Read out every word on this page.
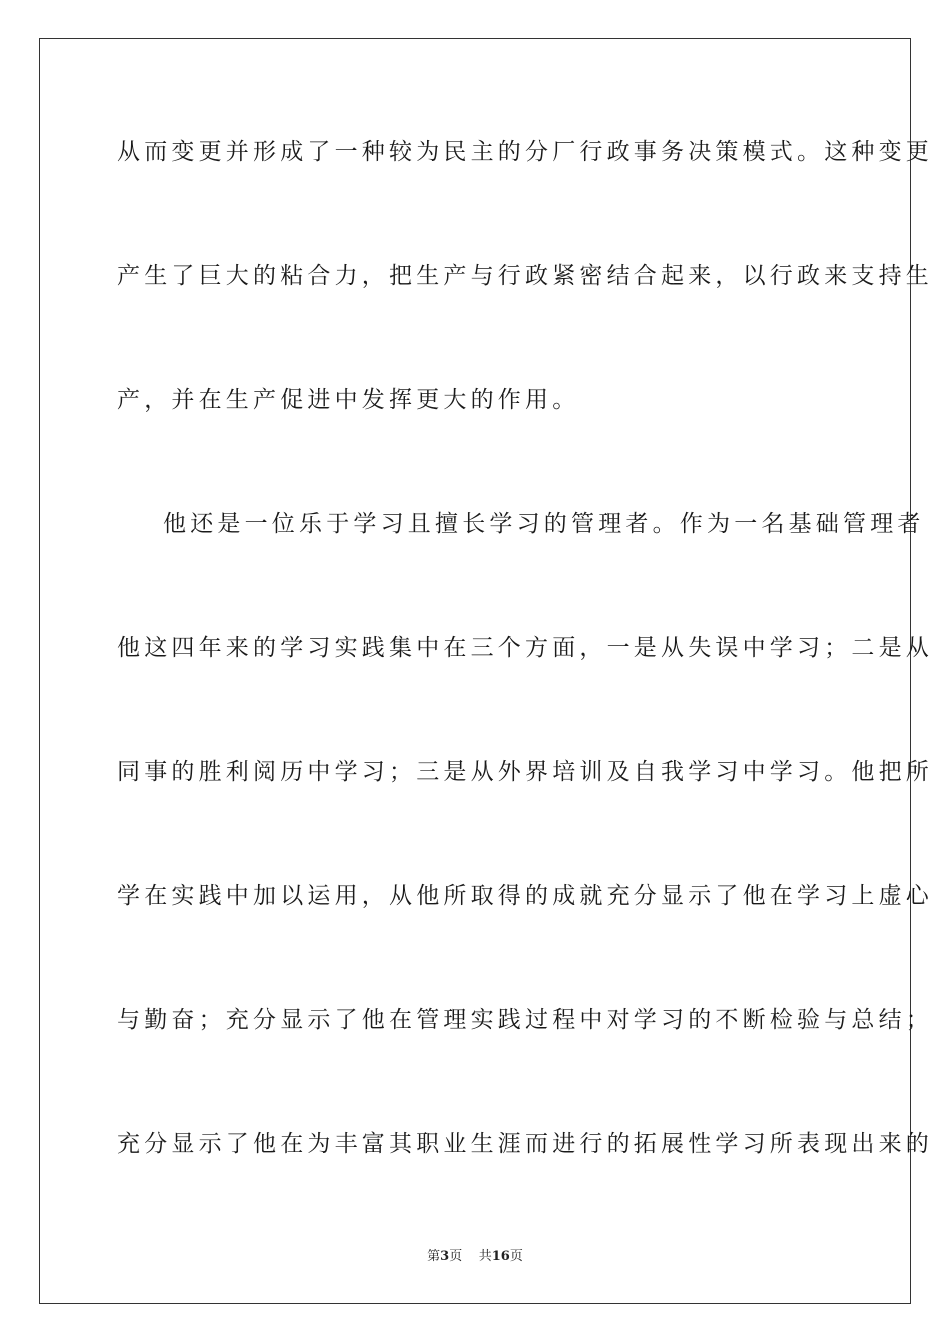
从而变更并形成了一种较为民主的分厂行政事务决策模式。这种变更
产生了巨大的粘合力，把生产与行政紧密结合起来，以行政来支持生
产，并在生产促进中发挥更大的作用。
他还是一位乐于学习且擅长学习的管理者。作为一名基础管理者
他这四年来的学习实践集中在三个方面，一是从失误中学习；二是从
同事的胜利阅历中学习；三是从外界培训及自我学习中学习。他把所
学在实践中加以运用，从他所取得的成就充分显示了他在学习上虚心
与勤奋；充分显示了他在管理实践过程中对学习的不断检验与总结；
充分显示了他在为丰富其职业生涯而进行的拓展性学习所表现出来的
第3页 共16页
